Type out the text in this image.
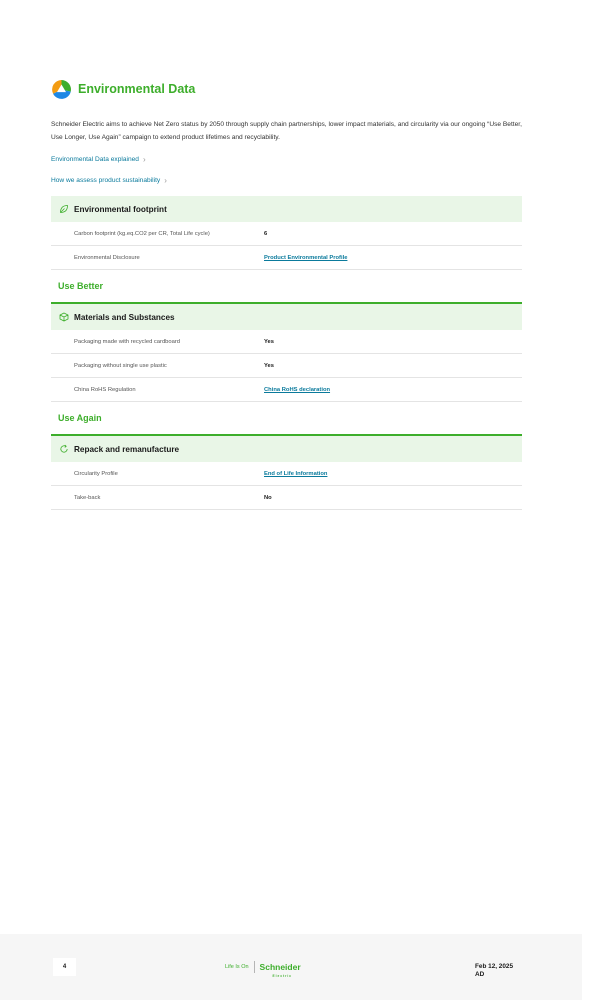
Environmental Data

Schneider Electric aims to achieve Net Zero status by 2050 through supply chain partnerships, lower impact materials, and circularity via our ongoing “Use Better, Use Longer, Use Again” campaign to extend product lifetimes and recyclability.

Environmental Data explained ›
How we assess product sustainability ›
Environmental footprint
Carbon footprint (kg.eq.CO2 per CR, Total Life cycle)	6
Environmental Disclosure	Product Environmental Profile
Use Better
Materials and Substances
Packaging made with recycled cardboard	Yes
Packaging without single use plastic	Yes
China RoHS Regulation	China RoHS declaration
Use Again
Repack and remanufacture
Circularity Profile	End of Life Information
Take-back	No
4	Life Is On	Schneider
Electric
Feb 12, 2025
AD
